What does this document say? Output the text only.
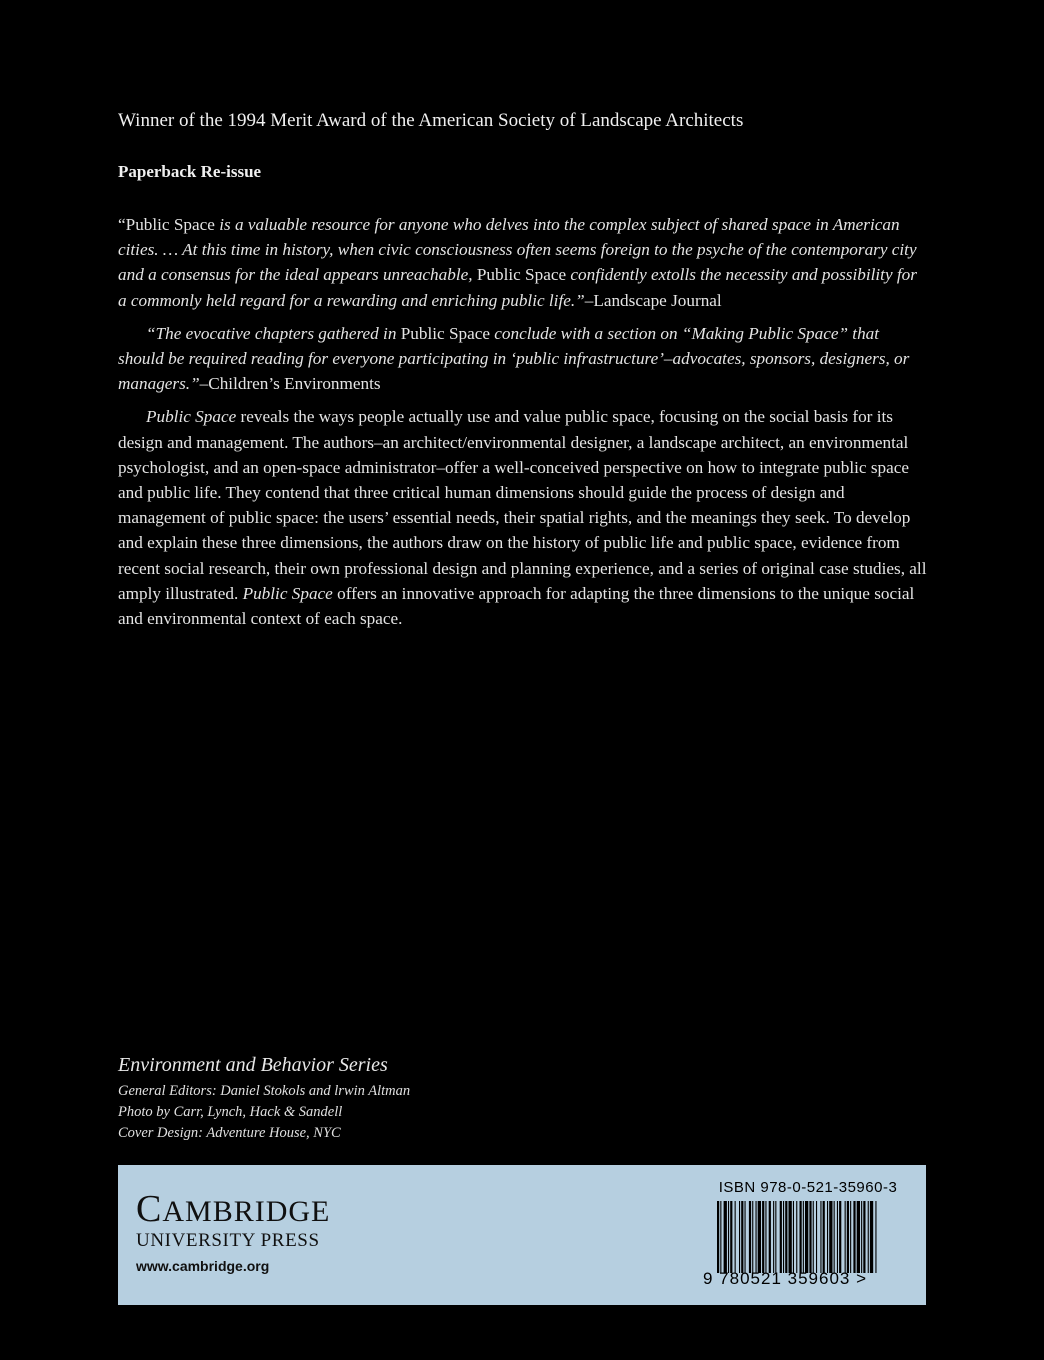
Winner of the 1994 Merit Award of the American Society of Landscape Architects
Paperback Re-issue

“Public Space is a valuable resource for anyone who delves into the complex subject of shared space in American cities. … At this time in history, when civic consciousness often seems foreign to the psyche of the contemporary city and a consensus for the ideal appears unreachable, Public Space confidently extolls the necessity and possibility for a commonly held regard for a rewarding and enriching public life.”–Landscape Journal

“The evocative chapters gathered in Public Space conclude with a section on “Making Public Space” that should be required reading for everyone participating in ‘public infrastructure’–advocates, sponsors, designers, or managers.”–Children’s Environments

Public Space reveals the ways people actually use and value public space, focusing on the social basis for its design and management. The authors–an architect/environmental designer, a landscape architect, an environmental psychologist, and an open-space administrator–offer a well-conceived perspective on how to integrate public space and public life. They contend that three critical human dimensions should guide the process of design and management of public space: the users’ essential needs, their spatial rights, and the meanings they seek. To develop and explain these three dimensions, the authors draw on the history of public life and public space, evidence from recent social research, their own professional design and planning experience, and a series of original case studies, all amply illustrated. Public Space offers an innovative approach for adapting the three dimensions to the unique social and environmental context of each space.

Environment and Behavior Series
General Editors: Daniel Stokols and lrwin Altman
Photo by Carr, Lynch, Hack & Sandell
Cover Design: Adventure House, NYC
CAMBRIDGE
UNIVERSITY PRESS
www.cambridge.org
ISBN 978-0-521-35960-3
9 780521 359603 >
